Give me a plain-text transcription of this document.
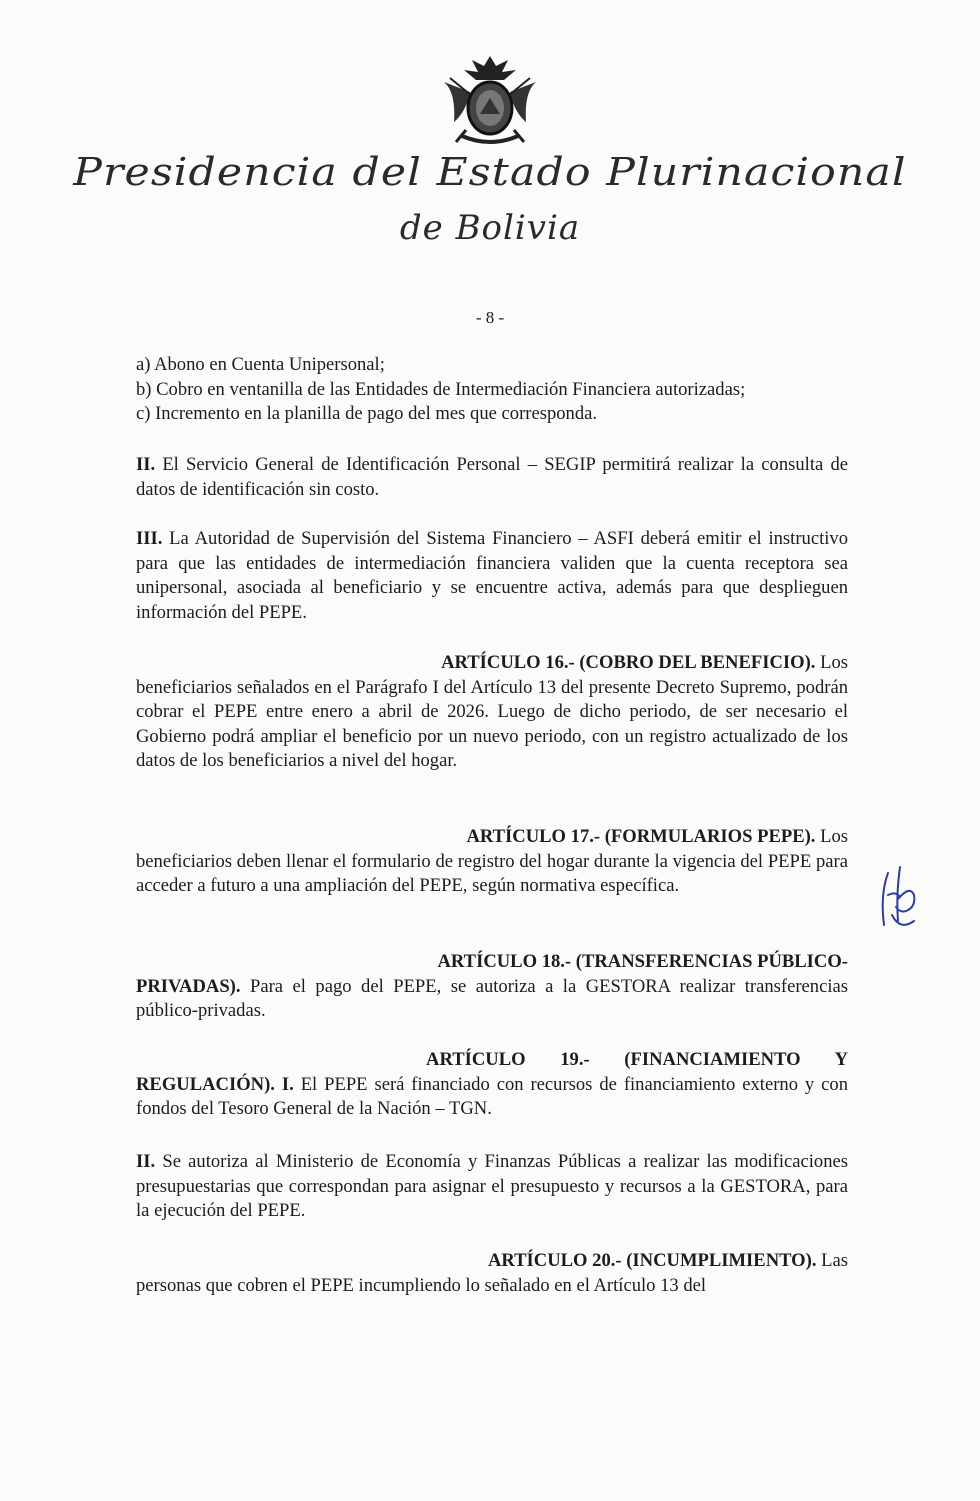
Presidencia del Estado Plurinacional
de Bolivia
- 8 -
a) Abono en Cuenta Unipersonal;
b) Cobro en ventanilla de las Entidades de Intermediación Financiera autorizadas;
c) Incremento en la planilla de pago del mes que corresponda.
II. El Servicio General de Identificación Personal – SEGIP permitirá realizar la consulta de datos de identificación sin costo.
III. La Autoridad de Supervisión del Sistema Financiero – ASFI deberá emitir el instructivo para que las entidades de intermediación financiera validen que la cuenta receptora sea unipersonal, asociada al beneficiario y se encuentre activa, además para que desplieguen información del PEPE.
ARTÍCULO 16.- (COBRO DEL BENEFICIO). Los
beneficiarios señalados en el Parágrafo I del Artículo 13 del presente Decreto Supremo, podrán cobrar el PEPE entre enero a abril de 2026. Luego de dicho periodo, de ser necesario el Gobierno podrá ampliar el beneficio por un nuevo periodo, con un registro actualizado de los datos de los beneficiarios a nivel del hogar.
ARTÍCULO 17.- (FORMULARIOS PEPE). Los
beneficiarios deben llenar el formulario de registro del hogar durante la vigencia del PEPE para acceder a futuro a una ampliación del PEPE, según normativa específica.
ARTÍCULO 18.- (TRANSFERENCIAS PÚBLICO-
PRIVADAS). Para el pago del PEPE, se autoriza a la GESTORA realizar transferencias público-privadas.
ARTÍCULO 19.- (FINANCIAMIENTO Y
REGULACIÓN). I. El PEPE será financiado con recursos de financiamiento externo y con fondos del Tesoro General de la Nación – TGN.
II. Se autoriza al Ministerio de Economía y Finanzas Públicas a realizar las modificaciones presupuestarias que correspondan para asignar el presupuesto y recursos a la GESTORA, para la ejecución del PEPE.
ARTÍCULO 20.- (INCUMPLIMIENTO). Las
personas que cobren el PEPE incumpliendo lo señalado en el Artículo 13 del
